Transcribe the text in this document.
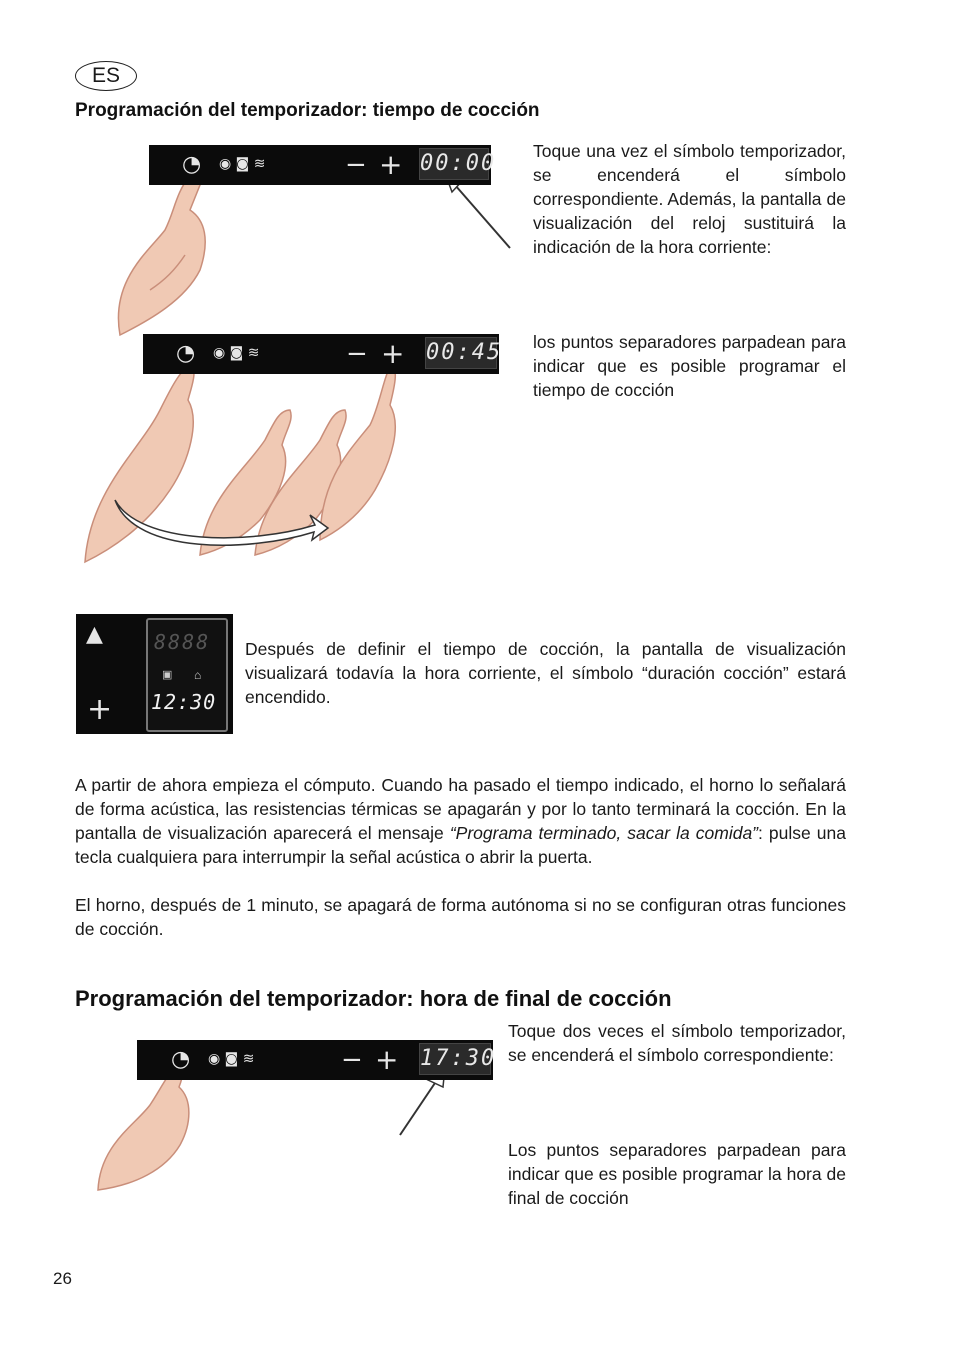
ES
Programación del temporizador: tiempo de cocción
◔ ◉ ◙ ≋	− + 00:00 Toque una vez el símbolo temporizador, se encenderá el símbolo correspondiente. Además, la pantalla de visualización del reloj sustituirá la indicación de la hora corriente:

◔ ◉ ◙ ≋	− + 00:45 los puntos separadores parpadean para indicar que es posible programar el tiempo de cocción

▲
+
8888
▣ ⌂
12:30

Después de definir el tiempo de cocción, la pantalla de visualización visualizará todavía la hora corriente, el símbolo “duración cocción” estará encendido.

A partir de ahora empieza el cómputo. Cuando ha pasado el tiempo indicado, el horno lo señalará de forma acústica, las resistencias térmicas se apagarán y por lo tanto terminará la cocción. En la pantalla de visualización aparecerá el mensaje “Programa terminado, sacar la comida”: pulse una tecla cualquiera para interrumpir la señal acústica o abrir la puerta.

El horno, después de 1 minuto, se apagará de forma autónoma si no se configuran otras funciones de cocción.

Programación del temporizador: hora de final de cocción
◔ ◉ ◙ ≋	− + 17:30

Toque dos veces el símbolo temporizador, se encenderá el símbolo correspondiente:

Los puntos separadores parpadean para indicar que es posible programar la hora de final de cocción

26
